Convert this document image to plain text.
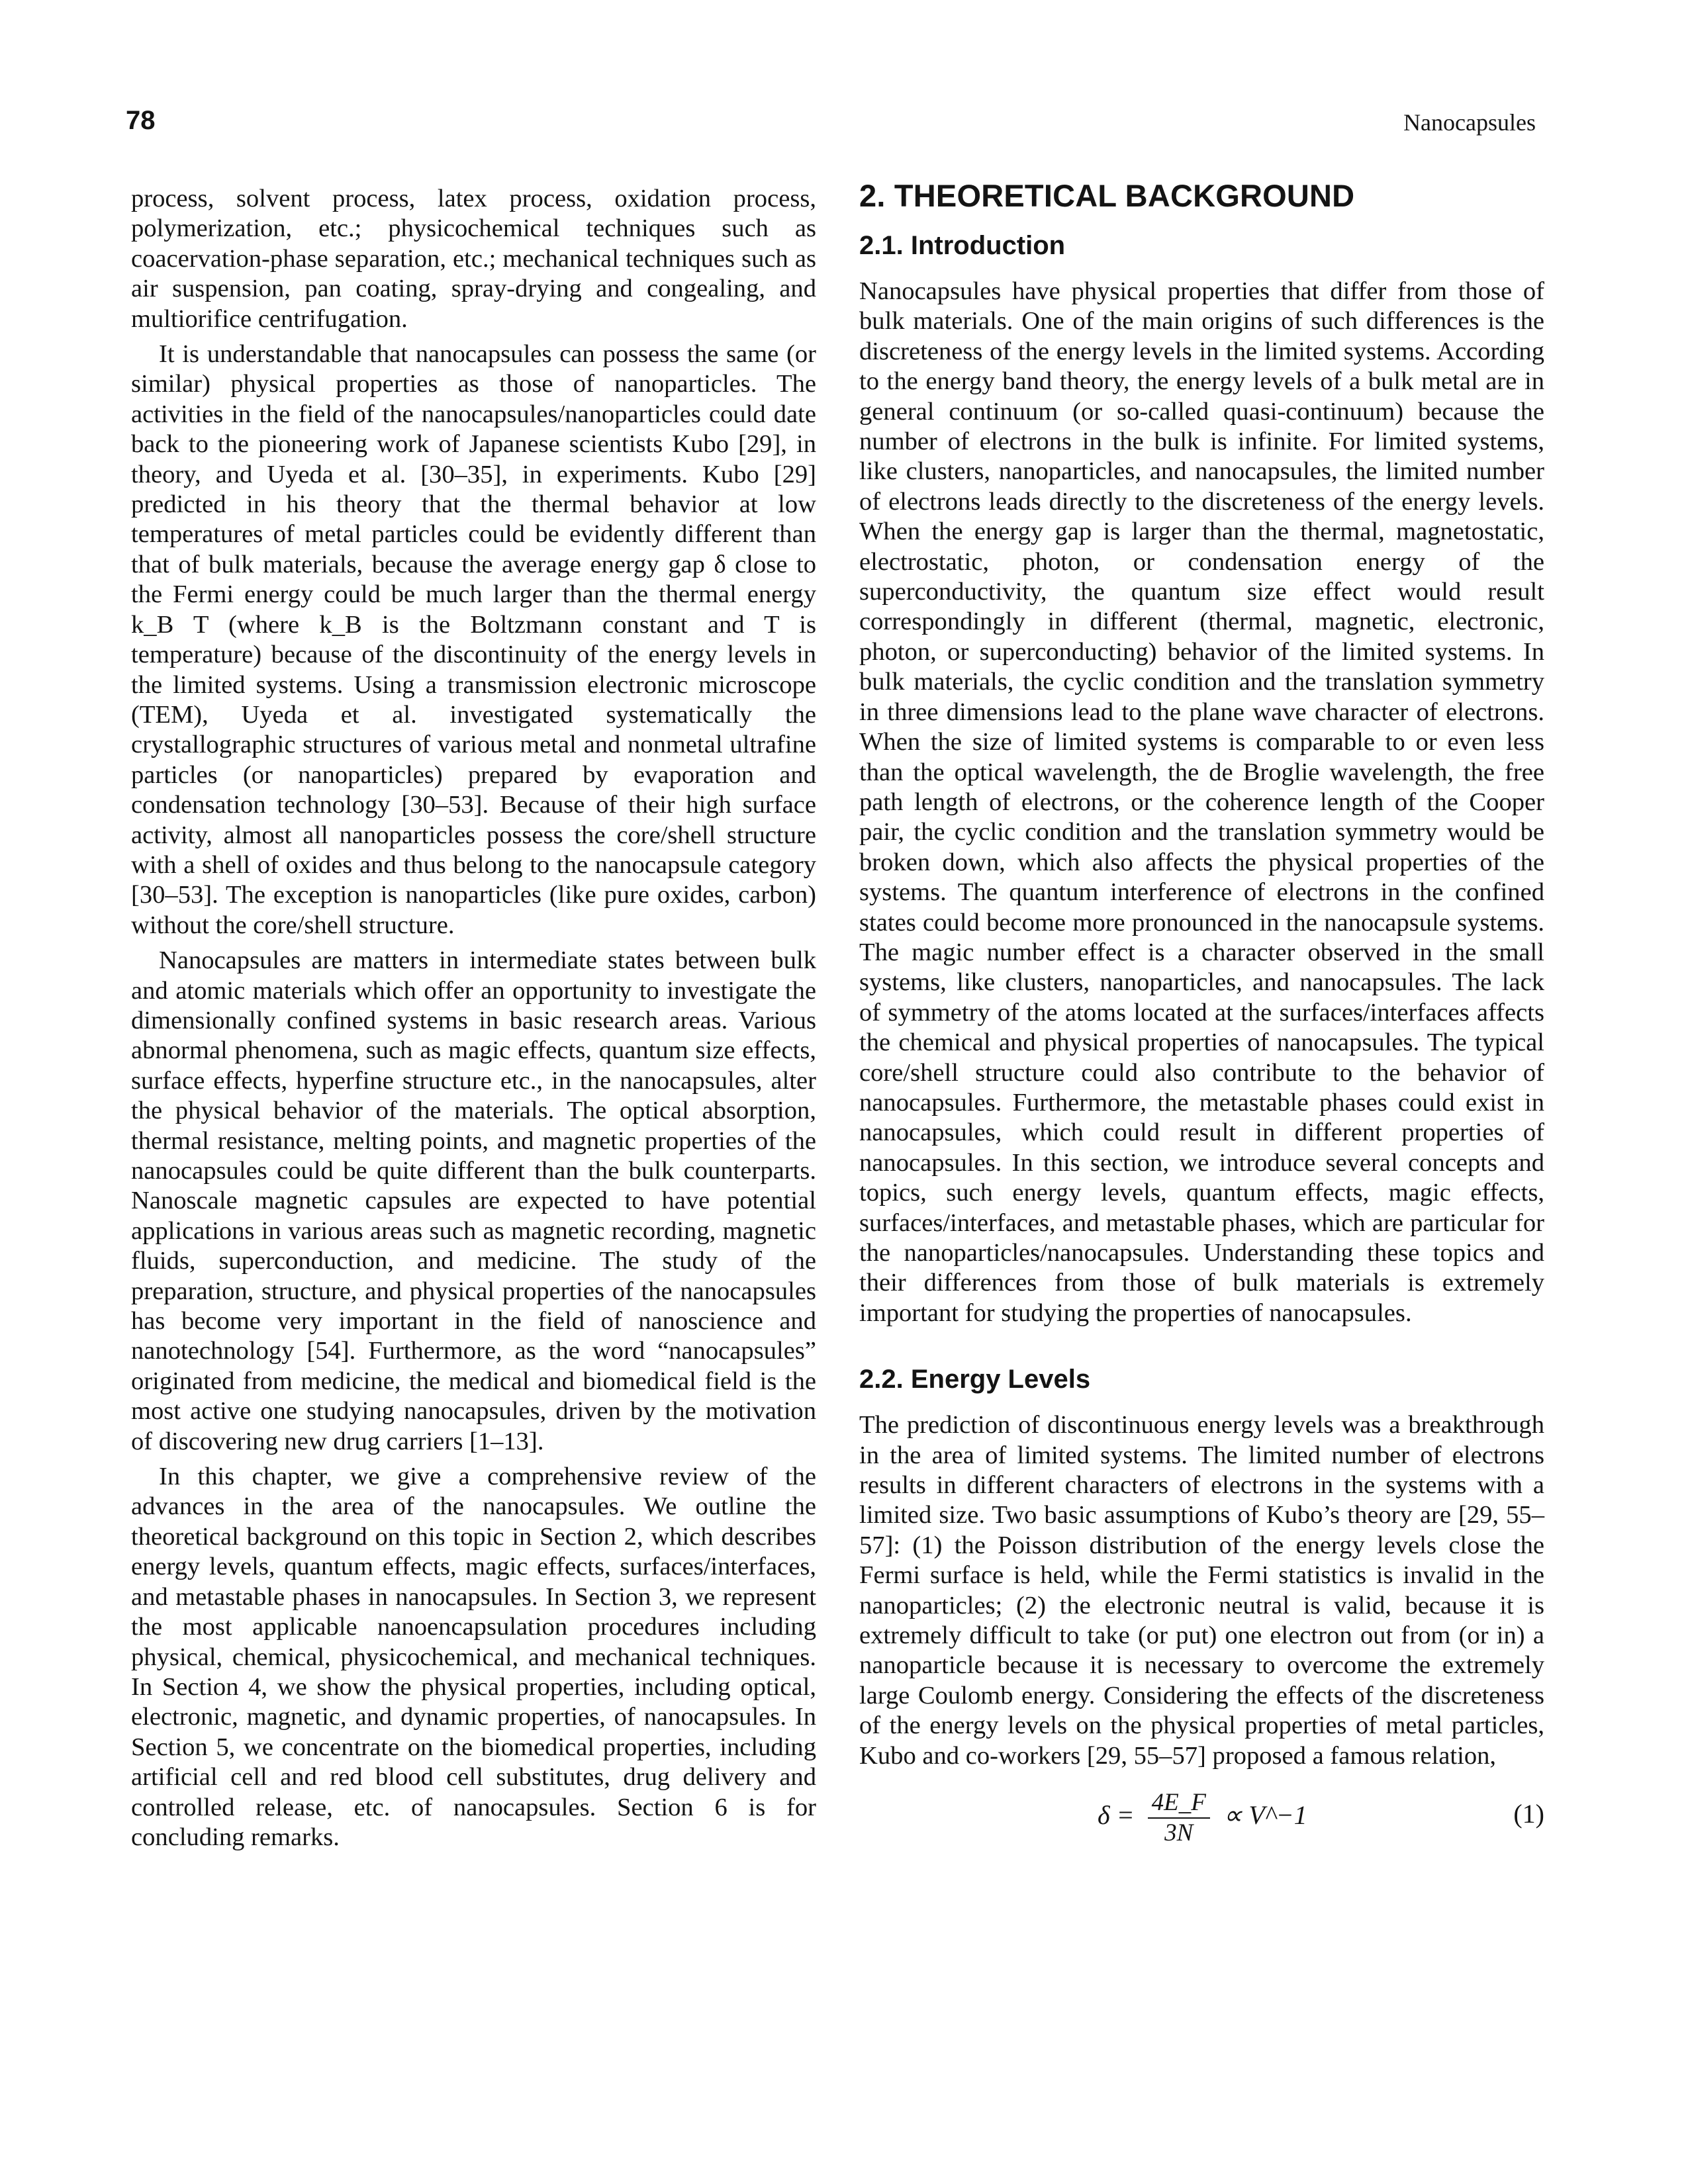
78	Nanocapsules

process, solvent process, latex process, oxidation process, polymerization, etc.; physicochemical techniques such as coacervation-phase separation, etc.; mechanical techniques such as air suspension, pan coating, spray-drying and congealing, and multiorifice centrifugation.

It is understandable that nanocapsules can possess the same (or similar) physical properties as those of nanoparticles. The activities in the field of the nanocapsules/nanoparticles could date back to the pioneering work of Japanese scientists Kubo [29], in theory, and Uyeda et al. [30–35], in experiments. Kubo [29] predicted in his theory that the thermal behavior at low temperatures of metal particles could be evidently different than that of bulk materials, because the average energy gap δ close to the Fermi energy could be much larger than the thermal energy k_B T (where k_B is the Boltzmann constant and T is temperature) because of the discontinuity of the energy levels in the limited systems. Using a transmission electronic microscope (TEM), Uyeda et al. investigated systematically the crystallographic structures of various metal and nonmetal ultrafine particles (or nanoparticles) prepared by evaporation and condensation technology [30–53]. Because of their high surface activity, almost all nanoparticles possess the core/shell structure with a shell of oxides and thus belong to the nanocapsule category [30–53]. The exception is nanoparticles (like pure oxides, carbon) without the core/shell structure.

Nanocapsules are matters in intermediate states between bulk and atomic materials which offer an opportunity to investigate the dimensionally confined systems in basic research areas. Various abnormal phenomena, such as magic effects, quantum size effects, surface effects, hyperfine structure etc., in the nanocapsules, alter the physical behavior of the materials. The optical absorption, thermal resistance, melting points, and magnetic properties of the nanocapsules could be quite different than the bulk counterparts. Nanoscale magnetic capsules are expected to have potential applications in various areas such as magnetic recording, magnetic fluids, superconduction, and medicine. The study of the preparation, structure, and physical properties of the nanocapsules has become very important in the field of nanoscience and nanotechnology [54]. Furthermore, as the word “nanocapsules” originated from medicine, the medical and biomedical field is the most active one studying nanocapsules, driven by the motivation of discovering new drug carriers [1–13].

In this chapter, we give a comprehensive review of the advances in the area of the nanocapsules. We outline the theoretical background on this topic in Section 2, which describes energy levels, quantum effects, magic effects, surfaces/interfaces, and metastable phases in nanocapsules. In Section 3, we represent the most applicable nanoencapsulation procedures including physical, chemical, physicochemical, and mechanical techniques. In Section 4, we show the physical properties, including optical, electronic, magnetic, and dynamic properties, of nanocapsules. In Section 5, we concentrate on the biomedical properties, including artificial cell and red blood cell substitutes, drug delivery and controlled release, etc. of nanocapsules. Section 6 is for concluding remarks.

2. THEORETICAL BACKGROUND
2.1. Introduction

Nanocapsules have physical properties that differ from those of bulk materials. One of the main origins of such differences is the discreteness of the energy levels in the limited systems. According to the energy band theory, the energy levels of a bulk metal are in general continuum (or so-called quasi-continuum) because the number of electrons in the bulk is infinite. For limited systems, like clusters, nanoparticles, and nanocapsules, the limited number of electrons leads directly to the discreteness of the energy levels. When the energy gap is larger than the thermal, magnetostatic, electrostatic, photon, or condensation energy of the superconductivity, the quantum size effect would result correspondingly in different (thermal, magnetic, electronic, photon, or superconducting) behavior of the limited systems. In bulk materials, the cyclic condition and the translation symmetry in three dimensions lead to the plane wave character of electrons. When the size of limited systems is comparable to or even less than the optical wavelength, the de Broglie wavelength, the free path length of electrons, or the coherence length of the Cooper pair, the cyclic condition and the translation symmetry would be broken down, which also affects the physical properties of the systems. The quantum interference of electrons in the confined states could become more pronounced in the nanocapsule systems. The magic number effect is a character observed in the small systems, like clusters, nanoparticles, and nanocapsules. The lack of symmetry of the atoms located at the surfaces/interfaces affects the chemical and physical properties of nanocapsules. The typical core/shell structure could also contribute to the behavior of nanocapsules. Furthermore, the metastable phases could exist in nanocapsules, which could result in different properties of nanocapsules. In this section, we introduce several concepts and topics, such energy levels, quantum effects, magic effects, surfaces/interfaces, and metastable phases, which are particular for the nanoparticles/nanocapsules. Understanding these topics and their differences from those of bulk materials is extremely important for studying the properties of nanocapsules.

2.2. Energy Levels

The prediction of discontinuous energy levels was a breakthrough in the area of limited systems. The limited number of electrons results in different characters of electrons in the systems with a limited size. Two basic assumptions of Kubo’s theory are [29, 55–57]: (1) the Poisson distribution of the energy levels close the Fermi surface is held, while the Fermi statistics is invalid in the nanoparticles; (2) the electronic neutral is valid, because it is extremely difficult to take (or put) one electron out from (or in) a nanoparticle because it is necessary to overcome the extremely large Coulomb energy. Considering the effects of the discreteness of the energy levels on the physical properties of metal particles, Kubo and co-workers [29, 55–57] proposed a famous relation,

$\delta = \frac{4E\_F}{3N}$ ∝ V^−1	(1)
